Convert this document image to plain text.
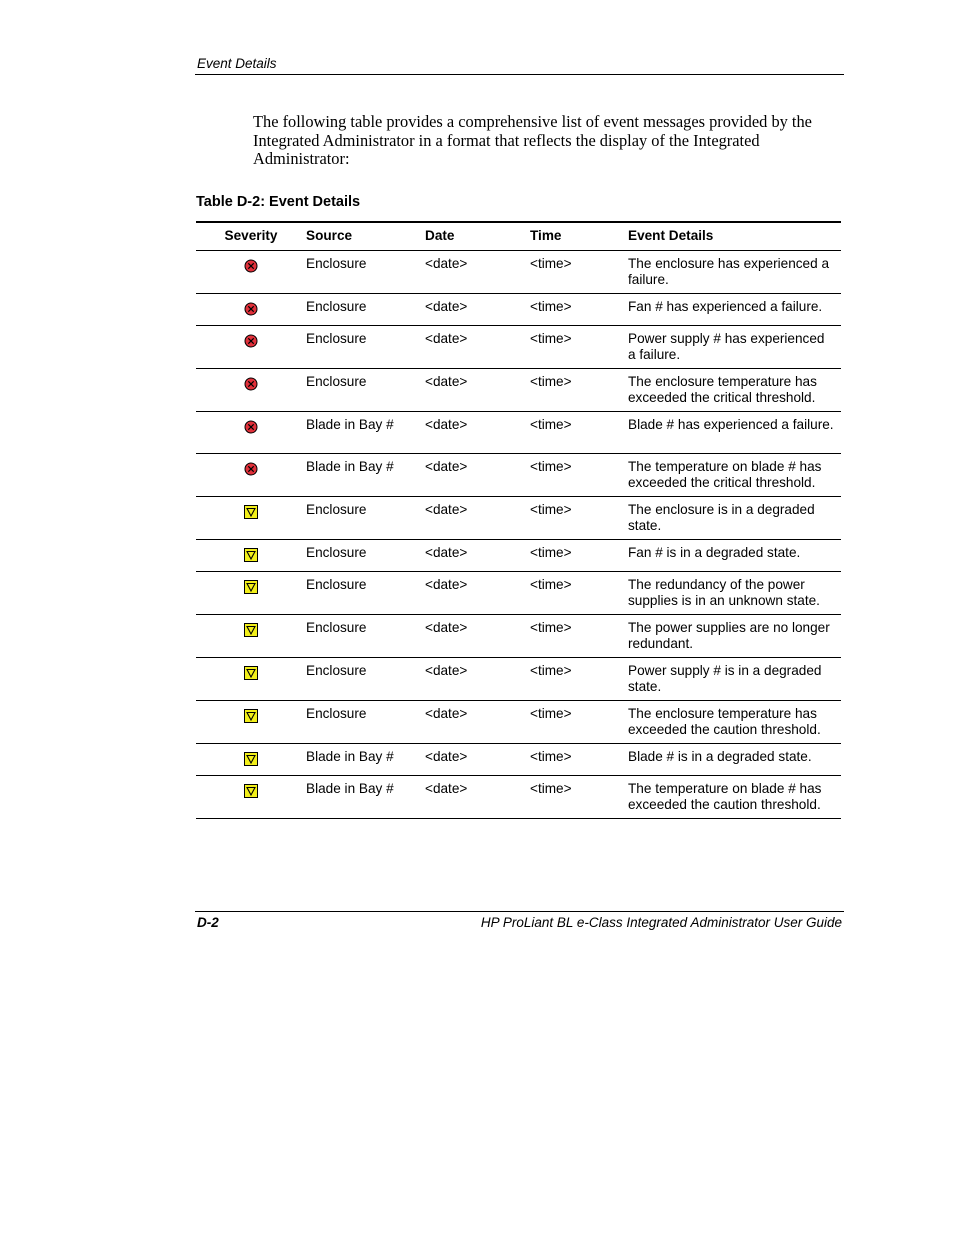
Event Details

The following table provides a comprehensive list of event messages provided by the Integrated Administrator in a format that reflects the display of the Integrated Administrator:

Table D-2: Event Details
Severity	Source	Date	Time	Event Details
	Enclosure	<date>	<time>	The enclosure has experienced a failure.
	Enclosure	<date>	<time>	Fan # has experienced a failure.
	Enclosure	<date>	<time>	Power supply # has experienced a failure.
	Enclosure	<date>	<time>	The enclosure temperature has exceeded the critical threshold.
	Blade in Bay #	<date>	<time>	Blade # has experienced a failure.
	Blade in Bay #	<date>	<time>	The temperature on blade # has exceeded the critical threshold.
	Enclosure	<date>	<time>	The enclosure is in a degraded state.
	Enclosure	<date>	<time>	Fan # is in a degraded state.
	Enclosure	<date>	<time>	The redundancy of the power supplies is in an unknown state.
	Enclosure	<date>	<time>	The power supplies are no longer redundant.
	Enclosure	<date>	<time>	Power supply # is in a degraded state.
	Enclosure	<date>	<time>	The enclosure temperature has exceeded the caution threshold.
	Blade in Bay #	<date>	<time>	Blade # is in a degraded state.
	Blade in Bay #	<date>	<time>	The temperature on blade # has exceeded the caution threshold.
D-2	HP ProLiant BL e-Class Integrated Administrator User Guide
